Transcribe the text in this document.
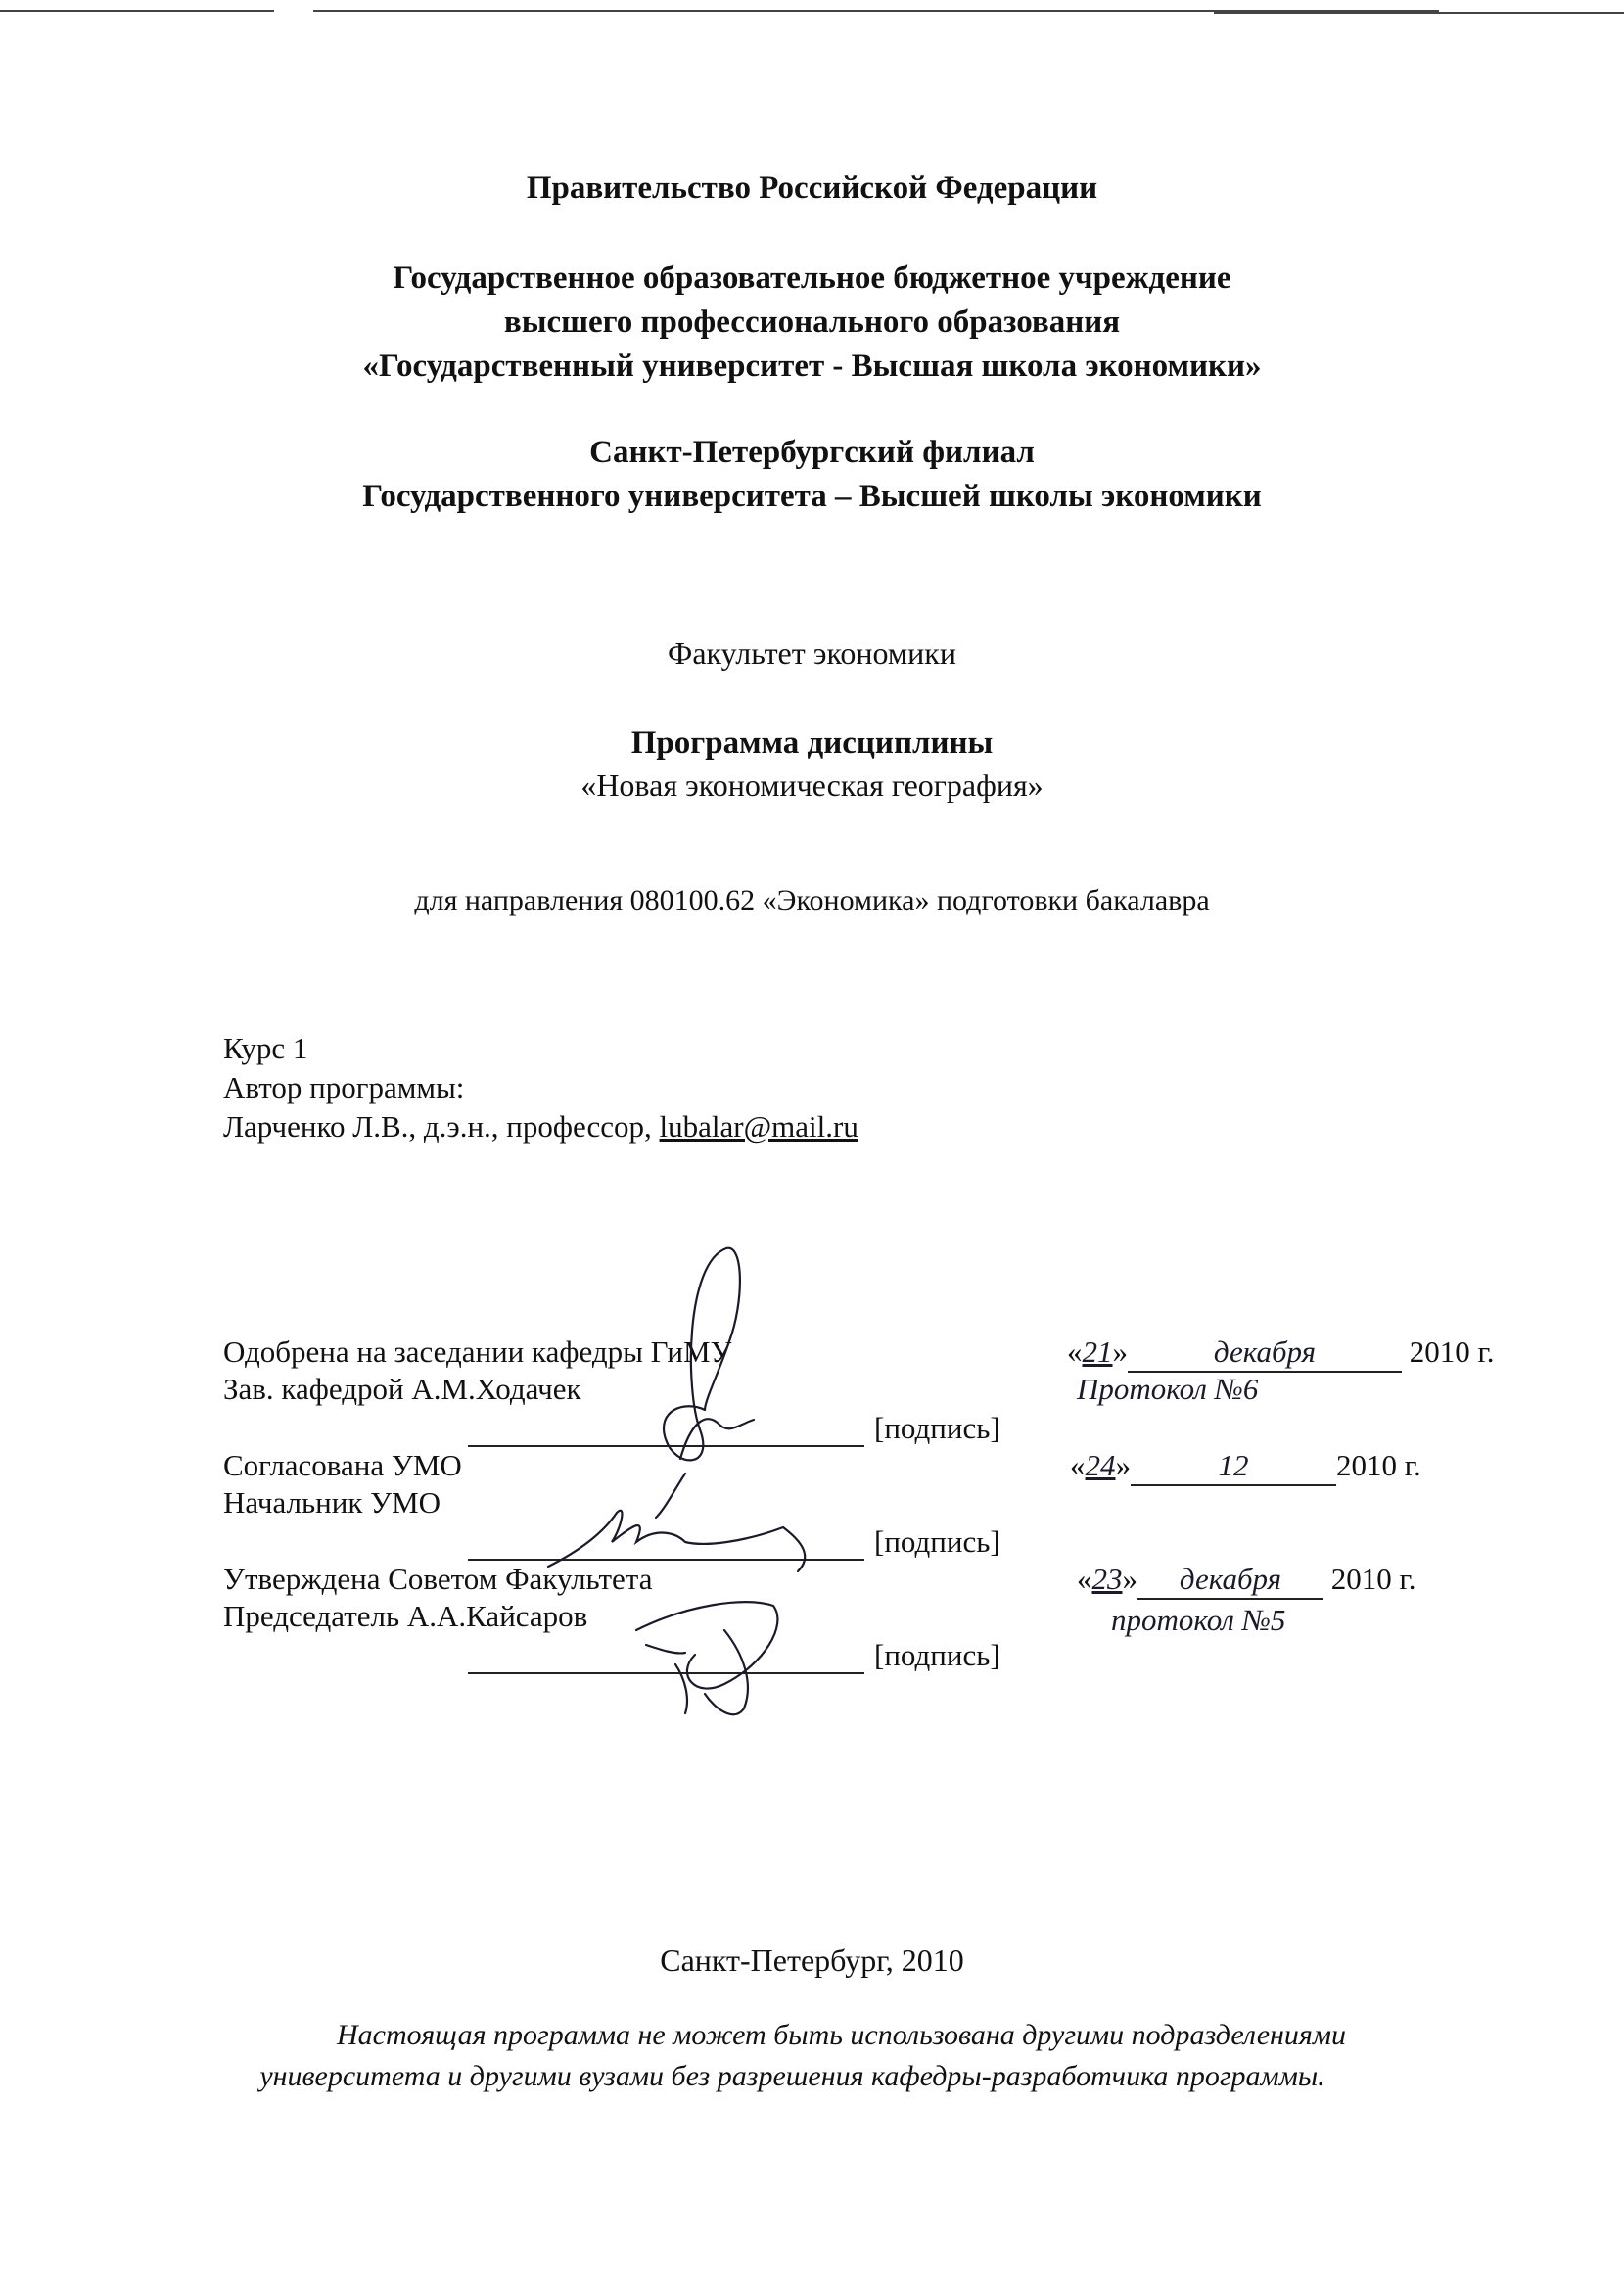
Правительство Российской Федерации
Государственное образовательное бюджетное учреждение
высшего профессионального образования
«Государственный университет - Высшая школа экономики»
Санкт-Петербургский филиал
Государственного университета – Высшей школы экономики
Факультет экономики
Программа дисциплины
«Новая экономическая география»
для направления 080100.62 «Экономика» подготовки бакалавра
Курс 1
Автор программы:
Ларченко Л.В., д.э.н., профессор, lubalar@mail.ru
Одобрена на заседании кафедры ГиМУ
Зав. кафедрой А.М.Ходачек
[подпись]
«21»	декабря	2010 г.
Протокол №6
Согласована УМО
Начальник УМО
[подпись]
«24»	12	2010 г.
Утверждена Советом Факультета
Председатель А.А.Кайсаров
[подпись]
«23» декабря 2010 г.
протокол №5
Санкт-Петербург, 2010
Настоящая программа не может быть использована другими подразделениями
университета и другими вузами без разрешения кафедры-разработчика программы.
